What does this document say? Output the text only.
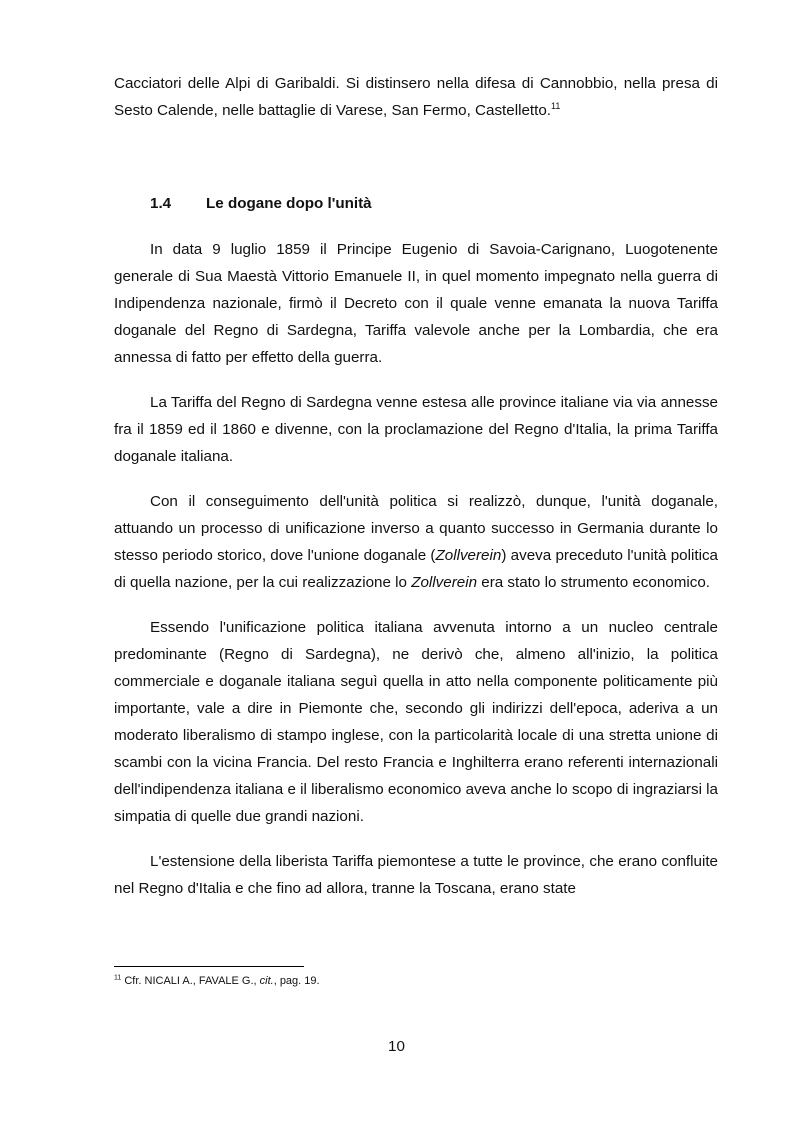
Cacciatori delle Alpi di Garibaldi. Si distinsero nella difesa di Cannobbio, nella presa di Sesto Calende, nelle battaglie di Varese, San Fermo, Castelletto.$^{11}$

1.4 Le dogane dopo l'unità

In data 9 luglio 1859 il Principe Eugenio di Savoia-Carignano, Luogotenente generale di Sua Maestà Vittorio Emanuele II, in quel momento impegnato nella guerra di Indipendenza nazionale, firmò il Decreto con il quale venne emanata la nuova Tariffa doganale del Regno di Sardegna, Tariffa valevole anche per la Lombardia, che era annessa di fatto per effetto della guerra.

La Tariffa del Regno di Sardegna venne estesa alle province italiane via via annesse fra il 1859 ed il 1860 e divenne, con la proclamazione del Regno d'Italia, la prima Tariffa doganale italiana.

Con il conseguimento dell'unità politica si realizzò, dunque, l'unità doganale, attuando un processo di unificazione inverso a quanto successo in Germania durante lo stesso periodo storico, dove l'unione doganale (Zollverein) aveva preceduto l'unità politica di quella nazione, per la cui realizzazione lo Zollverein era stato lo strumento economico.

Essendo l'unificazione politica italiana avvenuta intorno a un nucleo centrale predominante (Regno di Sardegna), ne derivò che, almeno all'inizio, la politica commerciale e doganale italiana seguì quella in atto nella componente politicamente più importante, vale a dire in Piemonte che, secondo gli indirizzi dell'epoca, aderiva a un moderato liberalismo di stampo inglese, con la particolarità locale di una stretta unione di scambi con la vicina Francia. Del resto Francia e Inghilterra erano referenti internazionali dell'indipendenza italiana e il liberalismo economico aveva anche lo scopo di ingraziarsi la simpatia di quelle due grandi nazioni.

L'estensione della liberista Tariffa piemontese a tutte le province, che erano confluite nel Regno d'Italia e che fino ad allora, tranne la Toscana, erano state

$^{11}$ Cfr. NICALI A., FAVALE G., cit., pag. 19.
10
